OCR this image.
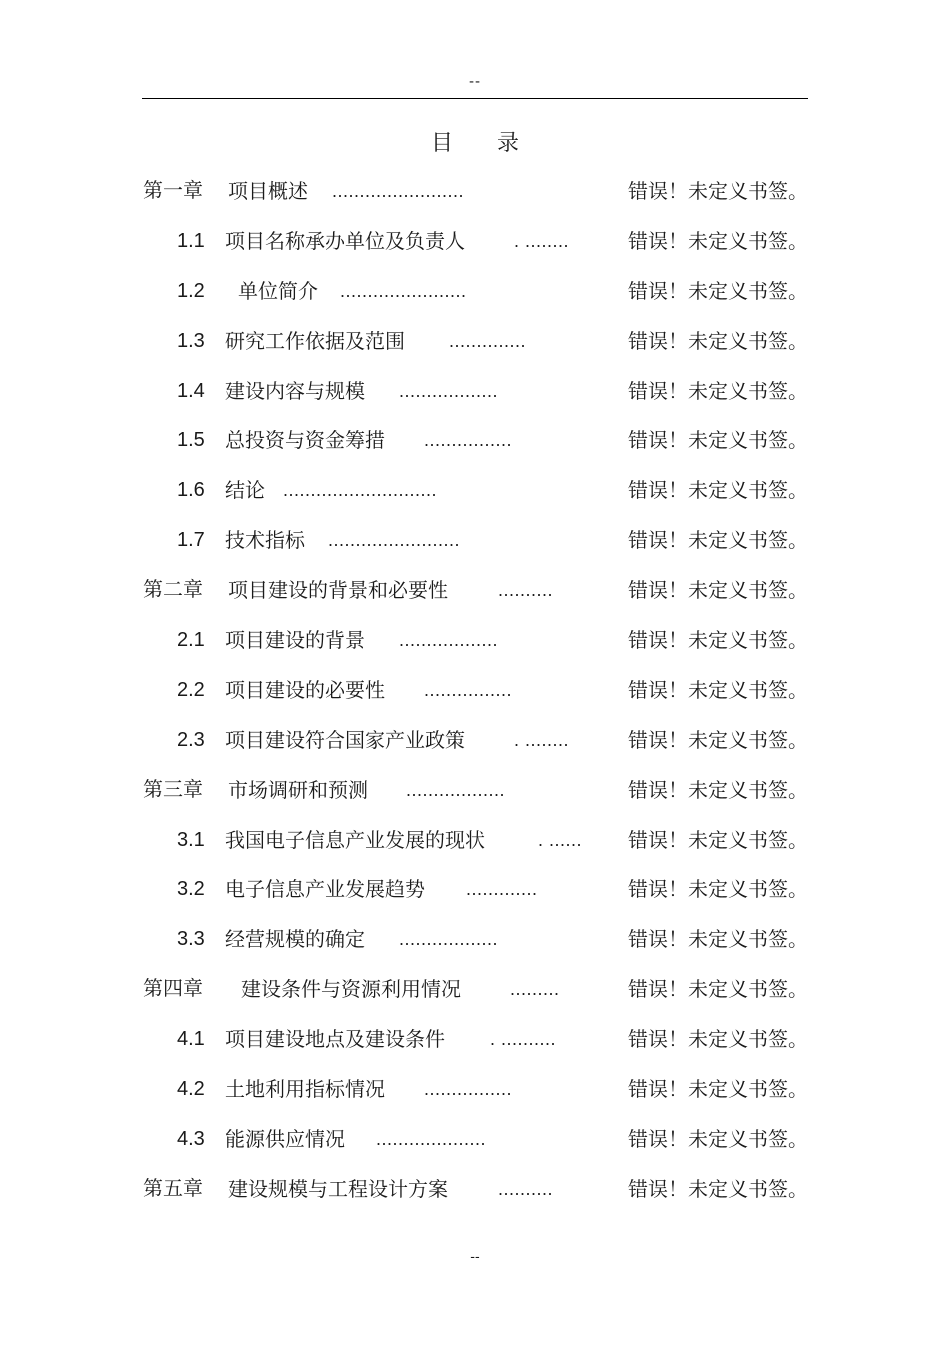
--
目 录
第一章	项目概述 ........................	错误！未定义书签。
1.1	项目名称承办单位及负责人	. ........	错误！未定义书签。
1.2	单位简介 .......................	错误！未定义书签。
1.3	研究工作依据及范围 ..............	错误！未定义书签。
1.4	建设内容与规模 ..................	错误！未定义书签。
1.5	总投资与资金筹措 ................	错误！未定义书签。
1.6	结论 ............................	错误！未定义书签。
1.7	技术指标 ........................	错误！未定义书签。
第二章	项目建设的背景和必要性	..........	错误！未定义书签。
2.1	项目建设的背景 ..................	错误！未定义书签。
2.2	项目建设的必要性 ................	错误！未定义书签。
2.3	项目建设符合国家产业政策	. ........	错误！未定义书签。
第三章	市场调研和预测 ..................	错误！未定义书签。
3.1	我国电子信息产业发展的现状	. ...... 错误！未定义书签。
3.2	电子信息产业发展趋势 .............	错误！未定义书签。
3.3	经营规模的确定 ..................	错误！未定义书签。
第四章	建设条件与资源利用情况	.........	错误！未定义书签。
4.1	项目建设地点及建设条件	. ..........	错误！未定义书签。
4.2	土地利用指标情况 ................	错误！未定义书签。
4.3	能源供应情况 ....................	错误！未定义书签。
第五章	建设规模与工程设计方案	..........	错误！未定义书签。
--
